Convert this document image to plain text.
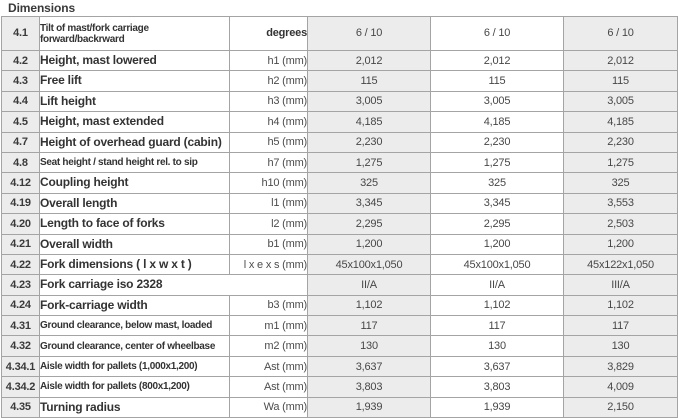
Dimensions
4.1	Tilt of mast/fork carriage forward/backrward	degrees	6 / 10	6 / 10	6 / 10
4.2	Height, mast lowered	h1 (mm)	2,012	2,012	2,012
4.3	Free lift	h2 (mm)	115	115	115
4.4	Lift height	h3 (mm)	3,005	3,005	3,005
4.5	Height, mast extended	h4 (mm)	4,185	4,185	4,185
4.7	Height of overhead guard (cabin)	h5 (mm)	2,230	2,230	2,230
4.8	Seat height / stand height rel. to sip	h7 (mm)	1,275	1,275	1,275
4.12	Coupling height	h10 (mm)	325	325	325
4.19	Overall length	l1 (mm)	3,345	3,345	3,553
4.20	Length to face of forks	l2 (mm)	2,295	2,295	2,503
4.21	Overall width	b1 (mm)	1,200	1,200	1,200
4.22	Fork dimensions ( l x w x t )	l x e x s (mm)	45x100x1,050	45x100x1,050	45x122x1,050
4.23	Fork carriage iso 2328		II/A	II/A	III/A
4.24	Fork-carriage width	b3 (mm)	1,102	1,102	1,102
4.31	Ground clearance, below mast, loaded	m1 (mm)	117	117	117
4.32	Ground clearance, center of wheelbase	m2 (mm)	130	130	130
4.34.1	Aisle width for pallets (1,000x1,200)	Ast (mm)	3,637	3,637	3,829
4.34.2	Aisle width for pallets (800x1,200)	Ast (mm)	3,803	3,803	4,009
4.35	Turning radius	Wa (mm)	1,939	1,939	2,150
